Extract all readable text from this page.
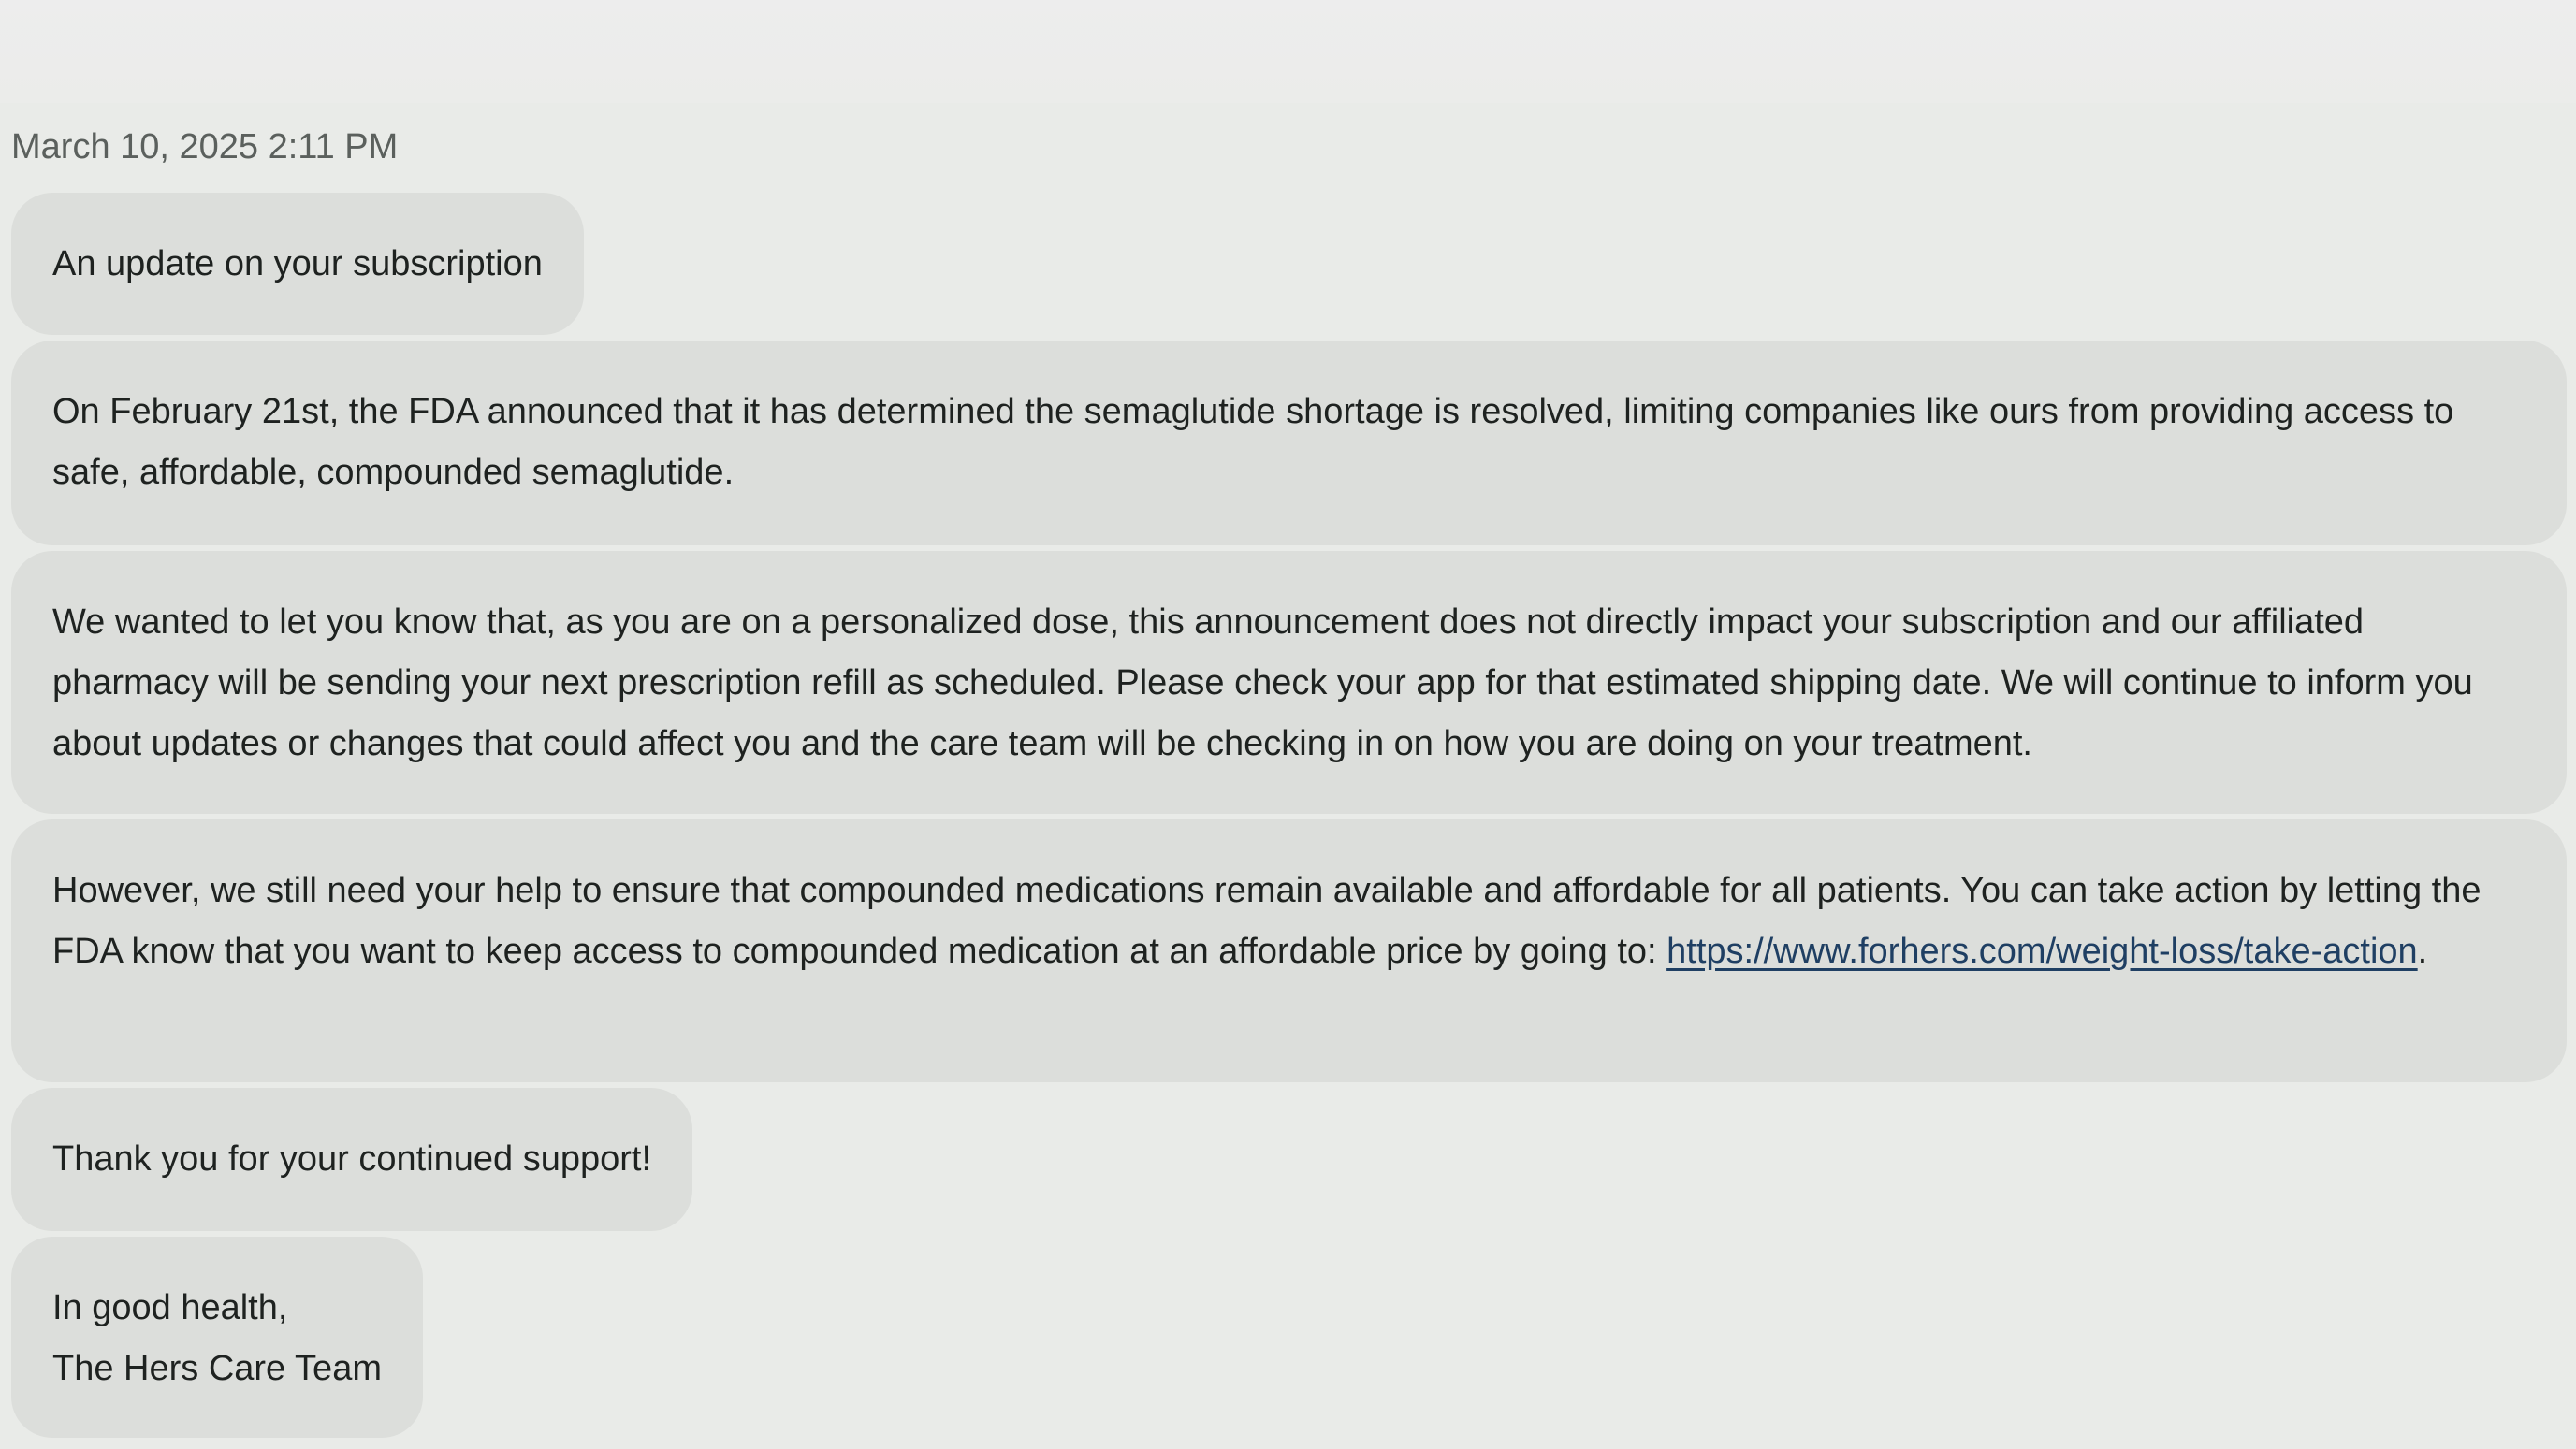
March 10, 2025 2:11 PM
An update on your subscription
On February 21st, the FDA announced that it has determined the semaglutide shortage is resolved, limiting companies like ours from providing access to safe, affordable, compounded semaglutide.
We wanted to let you know that, as you are on a personalized dose, this announcement does not directly impact your subscription and our affiliated pharmacy will be sending your next prescription refill as scheduled. Please check your app for that estimated shipping date. We will continue to inform you about updates or changes that could affect you and the care team will be checking in on how you are doing on your treatment.
However, we still need your help to ensure that compounded medications remain available and affordable for all patients. You can take action by letting the FDA know that you want to keep access to compounded medication at an affordable price by going to: https://www.forhers.com/weight-loss/take-action.
Thank you for your continued support!
In good health,
The Hers Care Team
